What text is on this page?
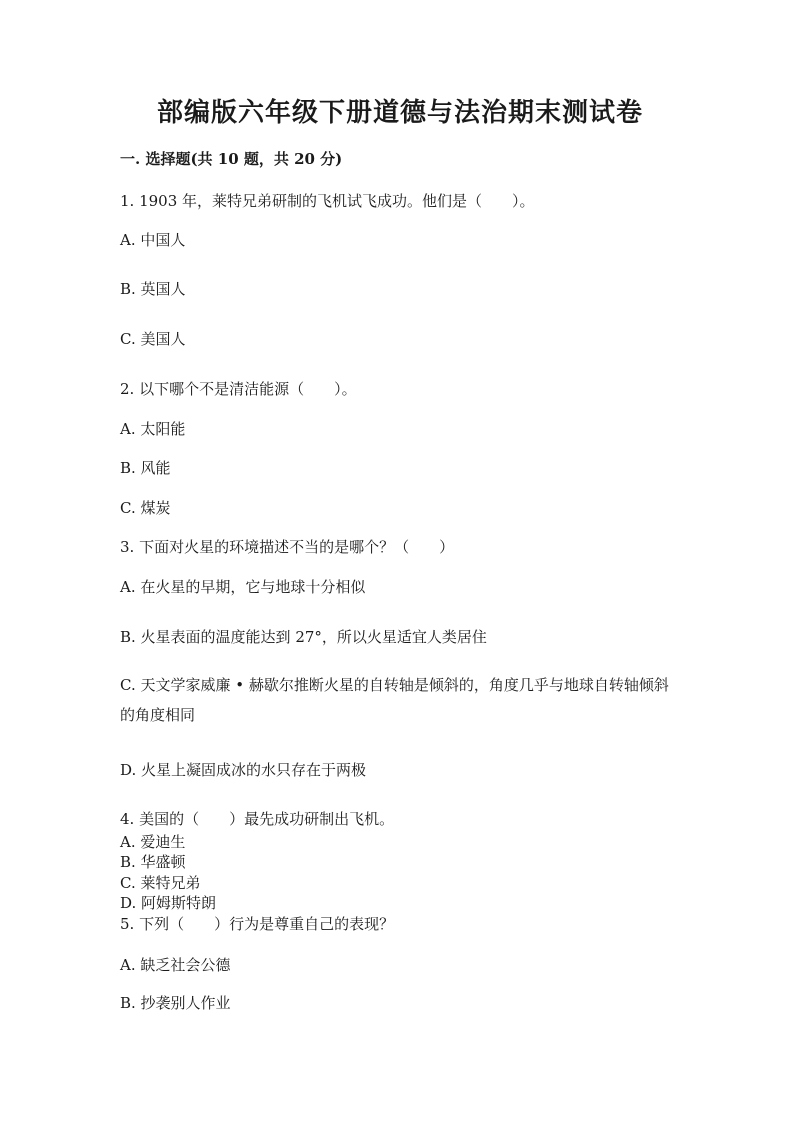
部编版六年级下册道德与法治期末测试卷

一. 选择题(共 10 题，共 20 分)

1. 1903 年，莱特兄弟研制的飞机试飞成功。他们是（　　）。

A. 中国人

B. 英国人

C. 美国人

2. 以下哪个不是清洁能源（　　）。

A. 太阳能

B. 风能

C. 煤炭

3. 下面对火星的环境描述不当的是哪个？（　　）

A. 在火星的早期，它与地球十分相似

B. 火星表面的温度能达到 27°，所以火星适宜人类居住

C. 天文学家威廉 • 赫歇尔推断火星的自转轴是倾斜的，角度几乎与地球自转轴倾斜的角度相同

D. 火星上凝固成冰的水只存在于两极

4. 美国的（　　）最先成功研制出飞机。

A. 爱迪生

B. 华盛顿

C. 莱特兄弟

D. 阿姆斯特朗

5. 下列（　　）行为是尊重自己的表现？

A. 缺乏社会公德

B. 抄袭别人作业
